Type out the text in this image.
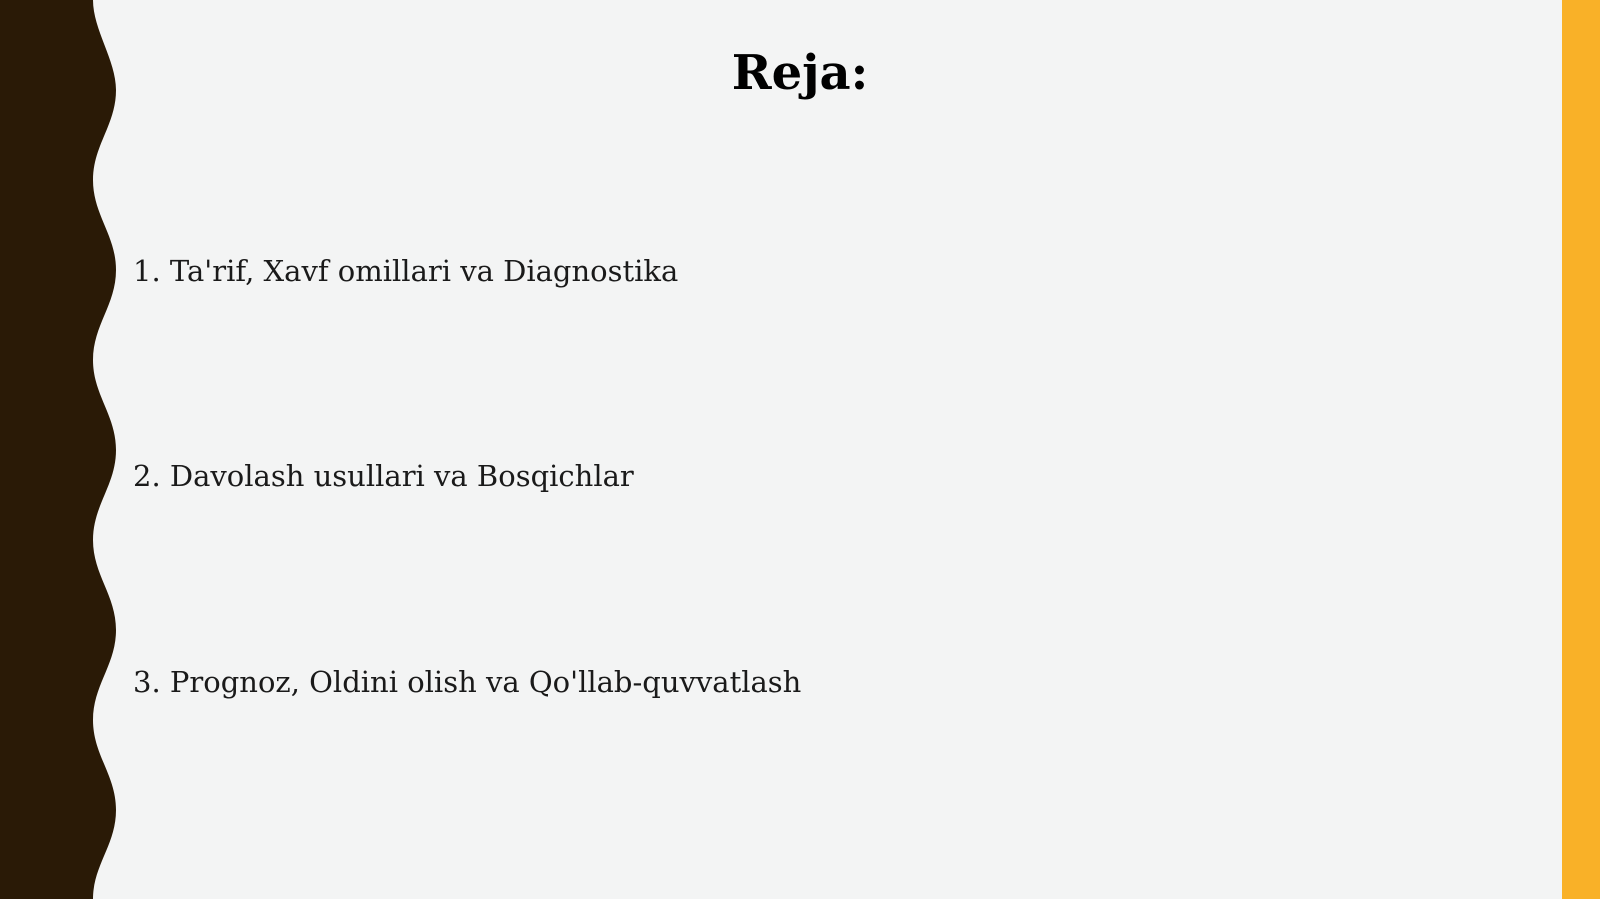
Reja:
1. Ta'rif, Xavf omillari va Diagnostika
2. Davolash usullari va Bosqichlar
3. Prognoz, Oldini olish va Qo'llab-quvvatlash
